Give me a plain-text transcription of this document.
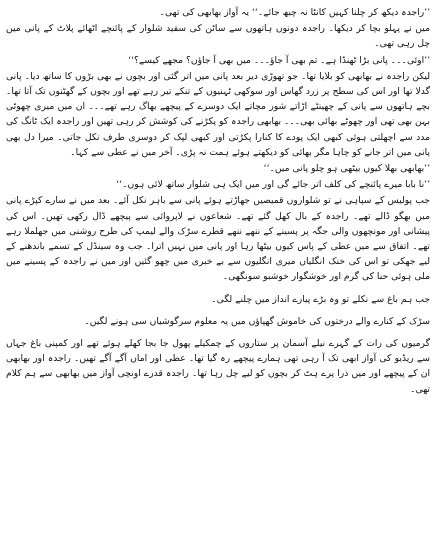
’’راجدہ دیکھ کر چلنا کہیں کانٹا نہ چبھ جائے۔‘‘ یہ آواز بھابھی کی تھی۔

میں نے پہلو بچا کر دیکھا۔ راجدہ دونوں ہاتھوں سے ساٹن کی سفید شلوار کے پائنچے اٹھائے پلاٹ کے پانی میں چل رہی تھی۔

’’اوئی۔۔۔ پانی بڑا ٹھنڈا ہے۔ تم بھی آ جاؤ۔۔۔ میں بھی آ جاؤں؟ مجھے کیسے؟‘‘

لیکن راجدہ نے بھابھی کو بلایا تھا۔ جو تھوڑی دیر بعد پانی میں اتر گئی اور بچوں نے بھی بڑوں کا ساتھ دیا۔ پانی گدلا تھا اور اس کی سطح پر زرد گھاس اور سوکھی ٹہنیوں کے تنکے تیر رہے تھے اور بچوں کے گھٹنوں تک آتا تھا۔ بچے ہاتھوں سے پانی کے چھینٹے اڑاتے شور مچاتے ایک دوسرے کے پیچھے بھاگ رہے تھے۔۔۔ ان میں میری چھوٹی بہن بھی تھی اور چھوٹے بھائی بھی۔۔۔ بھابھی راجدہ کو پکڑنے کی کوشش کر رہی تھیں اور راجدہ ایک ٹانگ کی مدد سے اچھلتی ہوئی کبھی ایک پودے کا کنارا پکڑتی اور کبھی لپک کر دوسری طرف نکل جاتی۔ میرا دل بھی پانی میں اتر جانے کو چاہا مگر بھائی کو دیکھتے ہوئے ہمت نہ پڑی۔ آخر میں نے عطی سے کہا۔

’’بھابھی بھلا کیوں بیٹھی ہو چلو پانی میں۔‘‘

’’نا بابا میرے پائنچے کی کلف اتر جائے گی اور میں ایک ہی شلوار ساتھ لائی ہوں۔‘‘

جب پولیس کے سپاہی نے تو شلواروں قمیصیں جھاڑتے ہوئے پانی سے باہر نکل آئے۔ بعد میں نے سارے کپڑے پانی میں بھگو ڈالے تھے۔ راجدہ کے بال کھل گئے تھے۔ شعاعوں نے لاپروائی سے پیچھے ڈال رکھی تھیں۔ اس کی پیشانی اور مونچھوں والی جگہ پر پسینے کے ننھے ننھے قطرے سڑک والے لیمپ کی طرح روشنی میں جھلملا رہے تھے۔ اتفاق سے میں عطی کے پاس کیوں بیٹھا رہا اور پانی میں نہیں اترا۔ جب وہ سینڈل کے تسمے باندھنے کے لیے جھکی تو اس کی خنک انگلیاں میری انگلیوں سے بے خبری میں چھو گئیں اور میں نے راجدہ کے پسینے میں ملی ہوئی حنا کی گرم اور خوشگوار خوشبو سونگھی۔

جب ہم باغ سے نکلے تو وہ بڑے پیارے انداز میں چلنے لگی۔

سڑک کے کنارے والے درختوں کی خاموش گھپاؤں میں یہ معلوم سرگوشیاں سی ہونے لگیں۔

گرمیوں کی رات کے گہرے نیلے آسمان پر ستاروں کے چمکیلے پھول جا بجا کھلے ہوئے تھے اور کمپنی باغ جہاں سے ریڈیو کی آواز ابھی تک آ رہی تھی ہمارے پیچھے رہ گیا تھا۔ عطی اور اماں آگے آگے تھیں۔ راجدہ اور بھابھی ان کے پیچھے اور میں ذرا پرے ہٹ کر بچوں کو لیے چل رہا تھا۔ راجدہ قدرے اونچی آواز میں بھابھی سے ہم کلام تھی۔
